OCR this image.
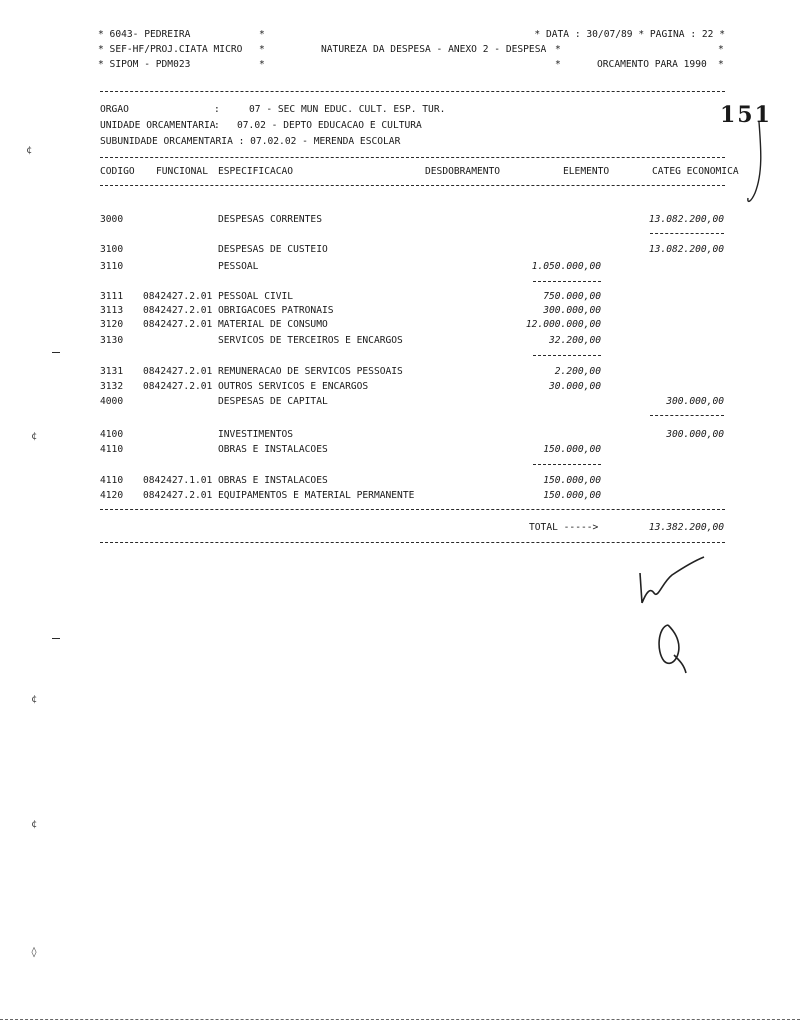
* 6043- PEDREIRA
* SEF-HF/PROJ.CIATA MICRO
* SIPOM - PDM023
*
*
*
NATUREZA DA DESPESA - ANEXO 2 - DESPESA
* DATA : 30/07/89 * PAGINA : 22 *
*	*
*	ORCAMENTO PARA 1990 *
ORGAO	:	07 - SEC MUN EDUC. CULT. ESP. TUR.
UNIDADE ORCAMENTARIA
: 07.02 - DEPTO EDUCACAO E CULTURA
SUBUNIDADE ORCAMENTARIA : 07.02.02 - MERENDA ESCOLAR
151
CODIGO FUNCIONAL ESPECIFICACAO	DESDOBRAMENTO	ELEMENTO	CATEG ECONOMICA
3000	DESPESAS CORRENTES	13.082.200,00
3100	DESPESAS DE CUSTEIO	13.082.200,00
3110	PESSOAL	1.050.000,00
3111 0842427.2.01 PESSOAL CIVIL	750.000,00
3113 0842427.2.01 OBRIGACOES PATRONAIS	300.000,00
3120 0842427.2.01 MATERIAL DE CONSUMO	12.000.000,00
3130	SERVICOS DE TERCEIROS E ENCARGOS	32.200,00
3131 0842427.2.01 REMUNERACAO DE SERVICOS PESSOAIS	2.200,00
3132 0842427.2.01 OUTROS SERVICOS E ENCARGOS	30.000,00
4000	DESPESAS DE CAPITAL	300.000,00
4100	INVESTIMENTOS	300.000,00
4110	OBRAS E INSTALACOES	150.000,00
4110 0842427.1.01 OBRAS E INSTALACOES	150.000,00
4120 0842427.2.01 EQUIPAMENTOS E MATERIAL PERMANENTE	150.000,00
TOTAL ----->	13.382.200,00
¢
¢
¢
¢
◊
